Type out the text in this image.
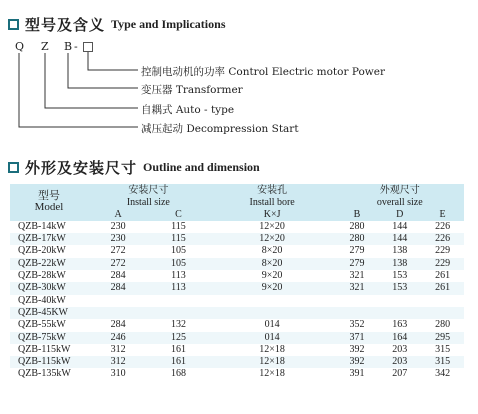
型号及含义 Type and Implications
Q Z B -
控制电动机的功率 Control Electric motor Power
变压器 Transformer
自耦式 Auto - type
减压起动 Decompression Start
外形及安装尺寸 Outline and dimension
型号
Model	安装尺寸		安装孔	外观尺寸		
	Install size		Install bore	overall size		
	A	C	K×J	B	D	E
QZB-14kW	230	115	12×20	280	144	226
QZB-17kW	230	115	12×20	280	144	226
QZB-20kW	272	105	8×20	279	138	229
QZB-22kW	272	105	8×20	279	138	229
QZB-28kW	284	113	9×20	321	153	261
QZB-30kW	284	113	9×20	321	153	261
QZB-40kW						
QZB-45KW						
QZB-55kW	284	132	014	352	163	280
QZB-75kW	246	125	014	371	164	295
QZB-115kW	312	161	12×18	392	203	315
QZB-115kW	312	161	12×18	392	203	315
QZB-135kW	310	168	12×18	391	207	342
